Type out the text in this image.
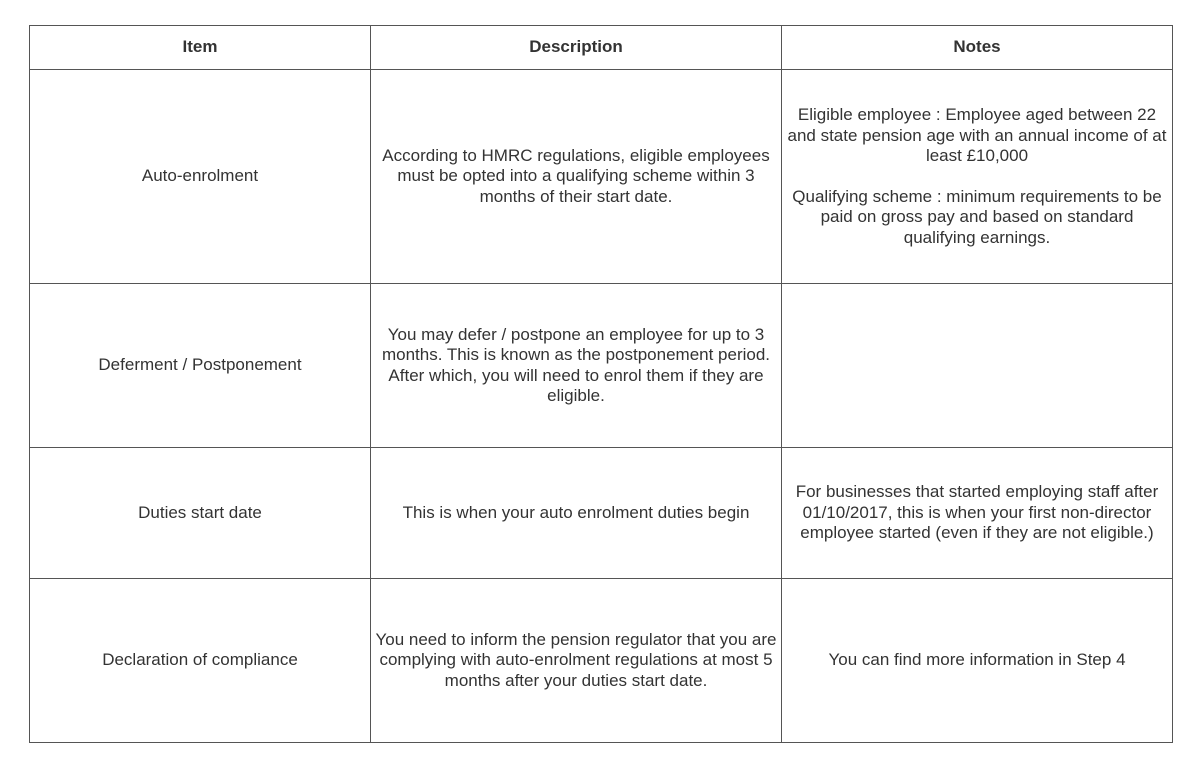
Item	Description	Notes
Auto-enrolment	According to HMRC regulations, eligible employees must be opted into a qualifying scheme within 3 months of their start date.	Eligible employee : Employee aged between 22 and state pension age with an annual income of at least £10,000
Qualifying scheme : minimum requirements to be paid on gross pay and based on standard qualifying earnings.

Deferment / Postponement	You may defer / postpone an employee for up to 3 months. This is known as the postponement period. After which, you will need to enrol them if they are eligible.	
Duties start date	This is when your auto enrolment duties begin	For businesses that started employing staff after 01/10/2017, this is when your first non-director employee started (even if they are not eligible.)
Declaration of compliance	You need to inform the pension regulator that you are complying with auto-enrolment regulations at most 5 months after your duties start date.	You can find more information in Step 4
